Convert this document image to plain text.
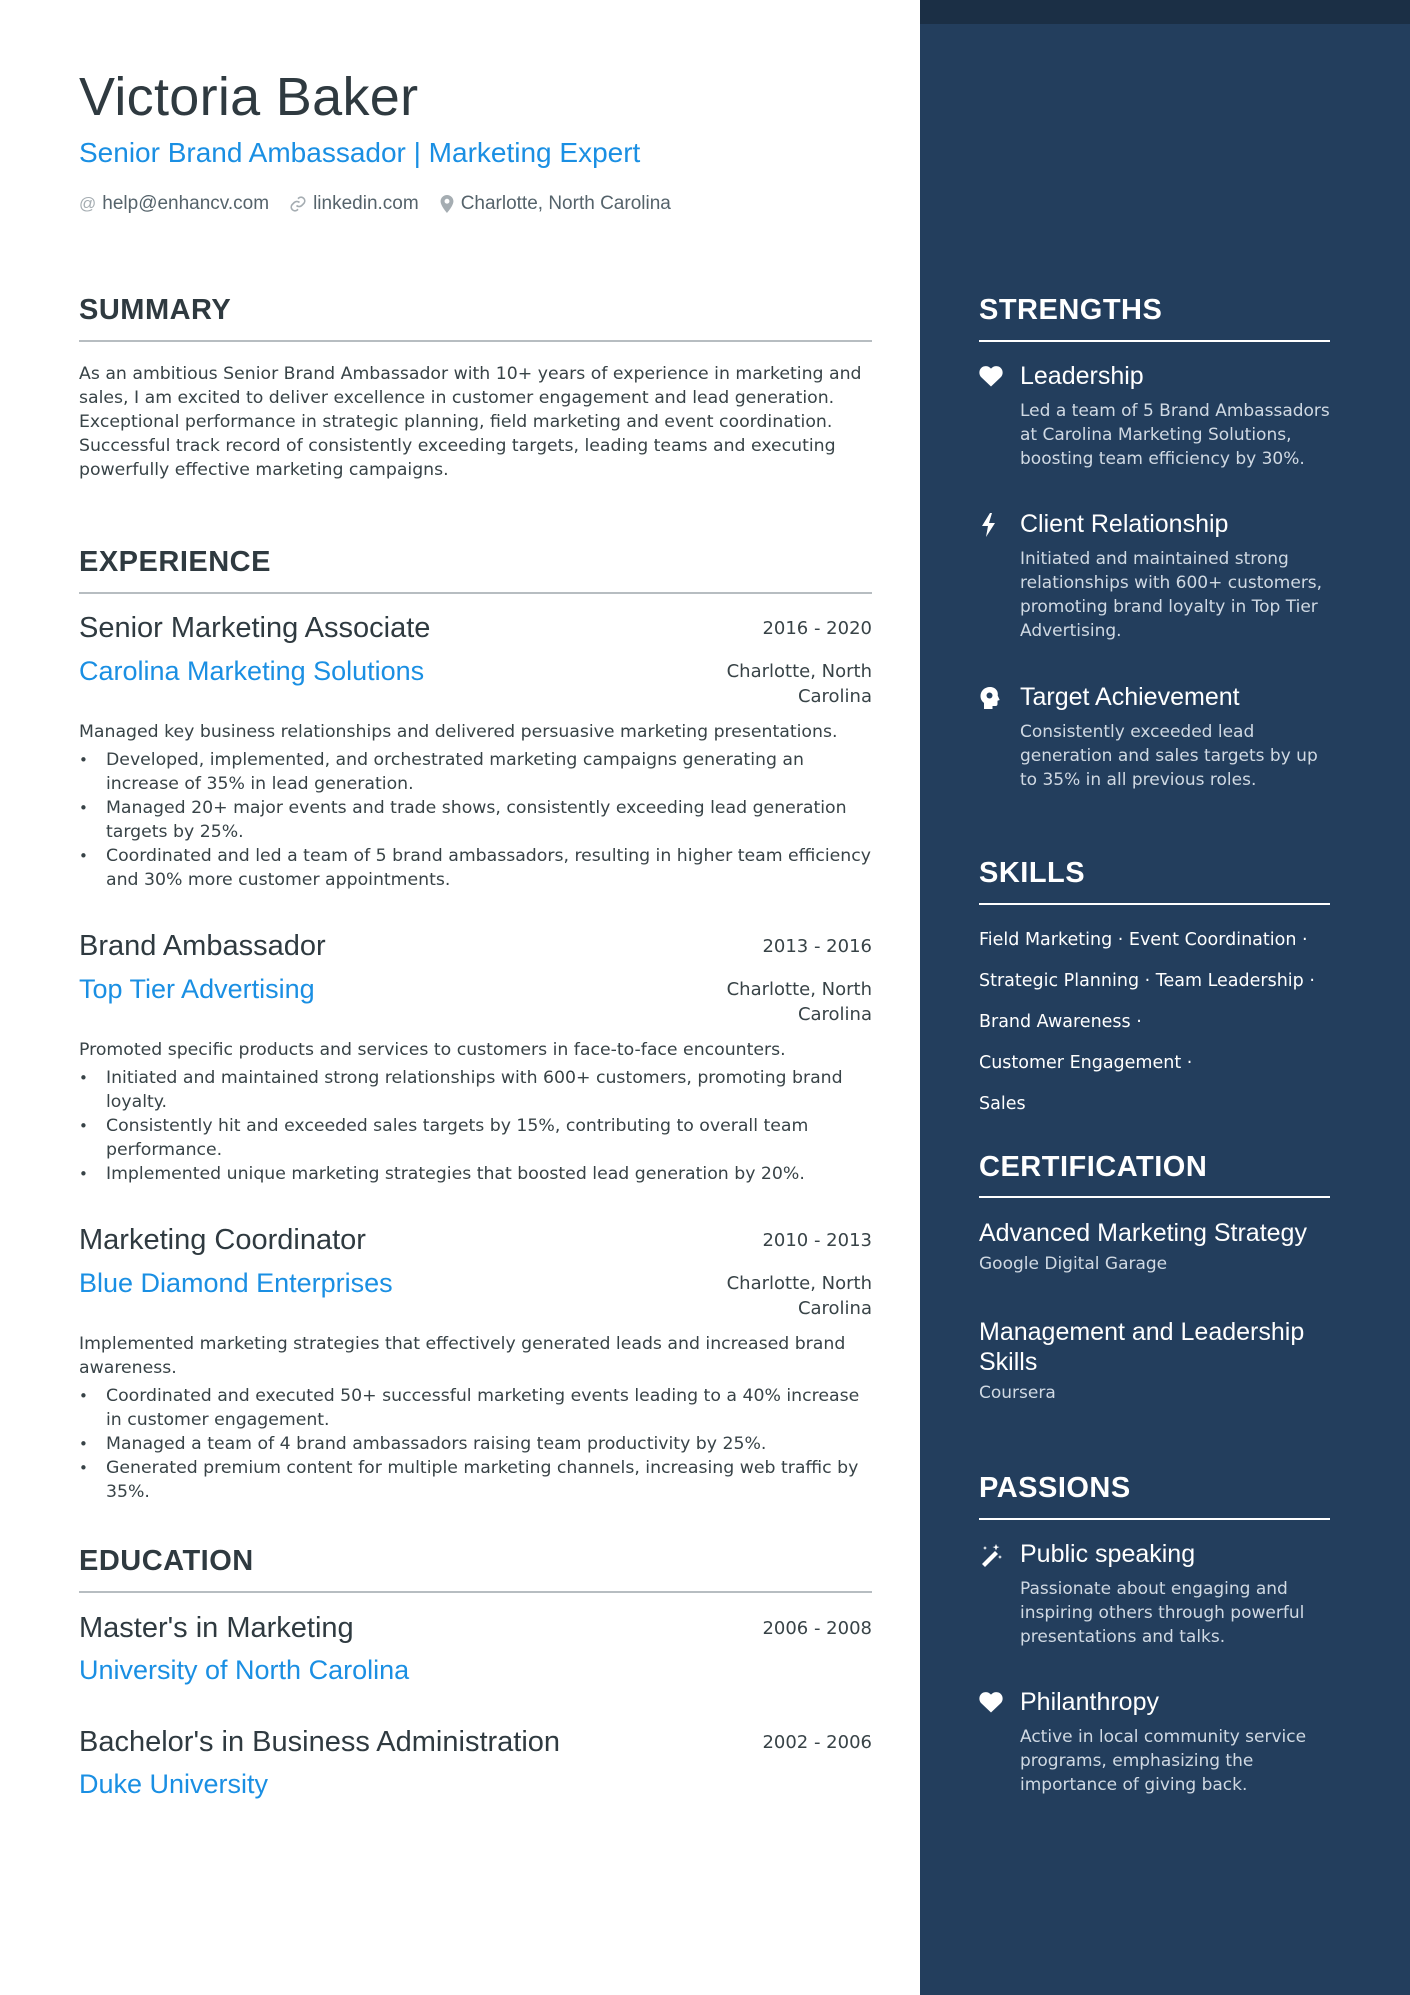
Victoria Baker
Senior Brand Ambassador | Marketing Expert
@ help@enhancv.com linkedin.com Charlotte, North Carolina
SUMMARY

As an ambitious Senior Brand Ambassador with 10+ years of experience in marketing and sales, I am excited to deliver excellence in customer engagement and lead generation. Exceptional performance in strategic planning, field marketing and event coordination. Successful track record of consistently exceeding targets, leading teams and executing powerfully effective marketing campaigns.

EXPERIENCE
Senior Marketing Associate
Carolina Marketing Solutions
2016 - 2020
Charlotte, North
Carolina
Managed key business relationships and delivered persuasive marketing presentations.
• Developed, implemented, and orchestrated marketing campaigns generating an increase of 35% in lead generation.
• Managed 20+ major events and trade shows, consistently exceeding lead generation targets by 25%.
• Coordinated and led a team of 5 brand ambassadors, resulting in higher team efficiency and 30% more customer appointments.
Brand Ambassador
Top Tier Advertising
2013 - 2016
Charlotte, North
Carolina
Promoted specific products and services to customers in face-to-face encounters.
• Initiated and maintained strong relationships with 600+ customers, promoting brand loyalty.
• Consistently hit and exceeded sales targets by 15%, contributing to overall team performance.
• Implemented unique marketing strategies that boosted lead generation by 20%.
Marketing Coordinator
Blue Diamond Enterprises
2010 - 2013
Charlotte, North
Carolina
Implemented marketing strategies that effectively generated leads and increased brand awareness.
• Coordinated and executed 50+ successful marketing events leading to a 40% increase in customer engagement.
• Managed a team of 4 brand ambassadors raising team productivity by 25%.
• Generated premium content for multiple marketing channels, increasing web traffic by 35%.
EDUCATION
Master's in Marketing
University of North Carolina
2006 - 2008
Bachelor's in Business Administration
Duke University
2002 - 2006
STRENGTHS
Leadership
Led a team of 5 Brand Ambassadors at Carolina Marketing Solutions, boosting team efficiency by 30%.
Client Relationship
Initiated and maintained strong relationships with 600+ customers, promoting brand loyalty in Top Tier Advertising.
Target Achievement
Consistently exceeded lead generation and sales targets by up to 35% in all previous roles.
SKILLS
Field Marketing · Event Coordination ·
Strategic Planning · Team Leadership ·
Brand Awareness · Customer Engagement ·
Sales
CERTIFICATION
Advanced Marketing Strategy
Google Digital Garage
Management and Leadership Skills
Coursera
PASSIONS
Public speaking
Passionate about engaging and inspiring others through powerful presentations and talks.
Philanthropy
Active in local community service programs, emphasizing the importance of giving back.
